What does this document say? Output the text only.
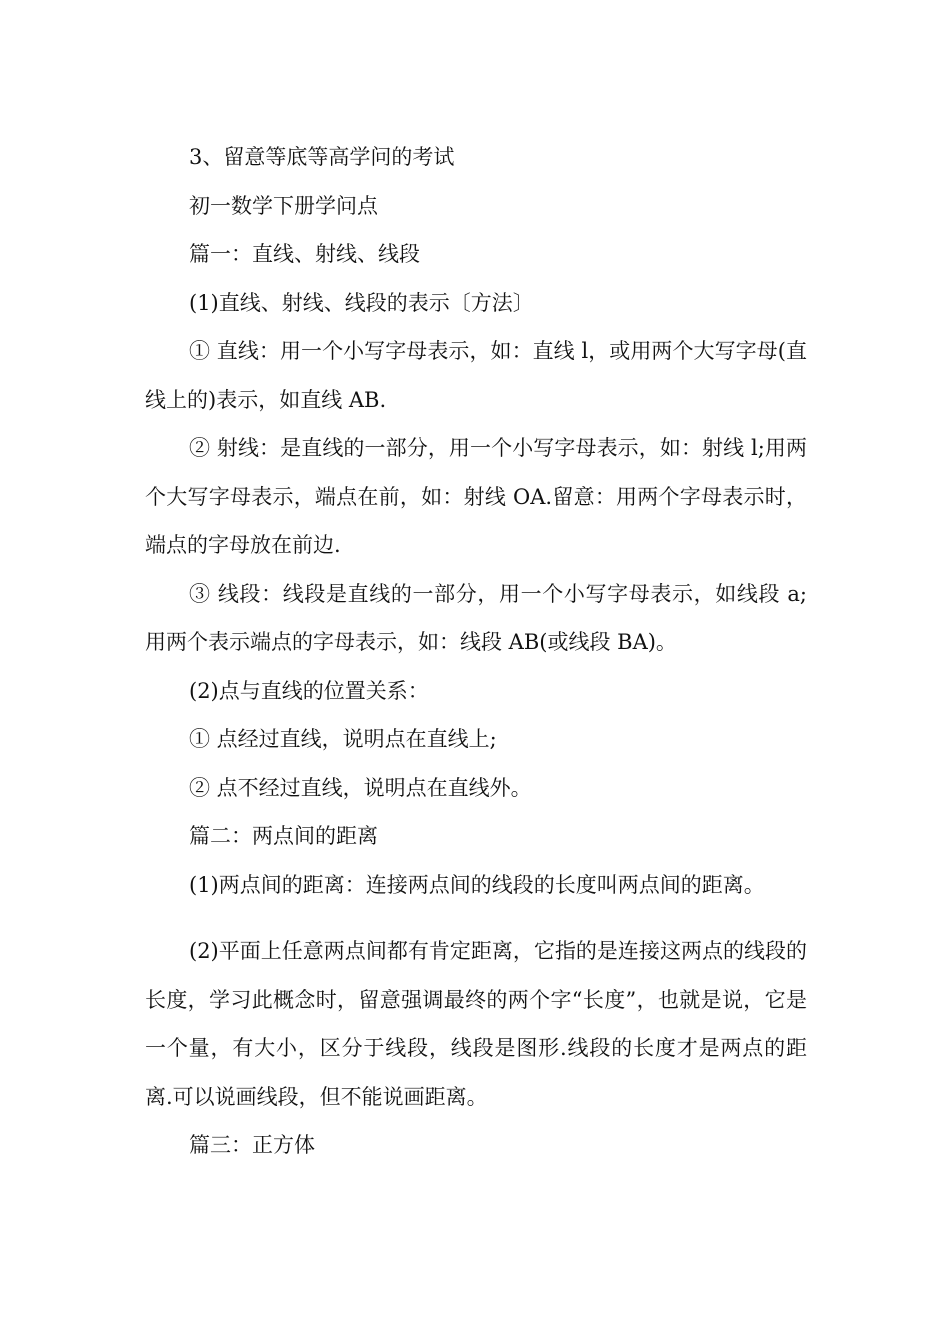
3、留意等底等高学问的考试

初一数学下册学问点

篇一：直线、射线、线段

(1)直线、射线、线段的表示〔方法〕

① 直线：用一个小写字母表示，如：直线 l，或用两个大写字母(直线上的)表示，如直线 AB.

② 射线：是直线的一部分，用一个小写字母表示，如：射线 l;用两个大写字母表示，端点在前，如：射线 OA.留意：用两个字母表示时，端点的字母放在前边.

③ 线段：线段是直线的一部分，用一个小写字母表示，如线段 a;用两个表示端点的字母表示，如：线段 AB(或线段 BA)。

(2)点与直线的位置关系：

① 点经过直线，说明点在直线上;

② 点不经过直线，说明点在直线外。

篇二：两点间的距离

(1)两点间的距离：连接两点间的线段的长度叫两点间的距离。

(2)平面上任意两点间都有肯定距离，它指的是连接这两点的线段的长度，学习此概念时，留意强调最终的两个字“长度”，也就是说，它是一个量，有大小，区分于线段，线段是图形.线段的长度才是两点的距离.可以说画线段，但不能说画距离。

篇三：正方体
